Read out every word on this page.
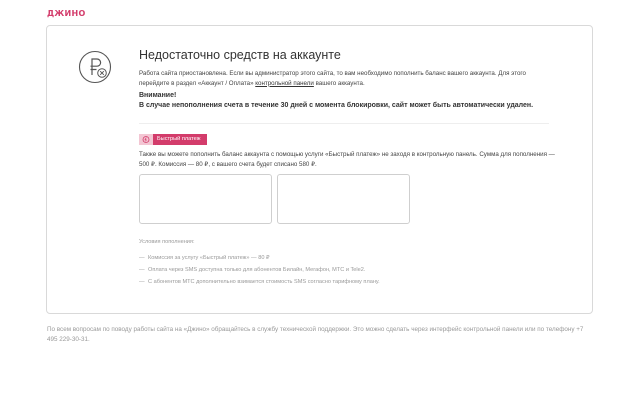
ДЖИНО
Недостаточно средств на аккаунте

Работа сайта приостановлена. Если вы администратор этого сайта, то вам необходимо пополнить баланс вашего аккаунта. Для этого перейдите в раздел «Аккаунт / Оплата» контрольной панели вашего аккаунта.

Внимание!
В случае непополнения счета в течение 30 дней с момента блокировки, сайт может быть автоматически удален.
Быстрый платеж

Также вы можете пополнить баланс аккаунта с помощью услуги «Быстрый платеж» не заходя в контрольную панель. Сумма для пополнения — 500 ₽. Комиссия — 80 ₽, с вашего счета будет списано 580 ₽.

Условия пополнения:
— Комиссия за услугу «Быстрый платеж» — 80 ₽
— Оплата через SMS доступна только для абонентов Билайн, Мегафон, МТС и Tele2.
— С абонентов МТС дополнительно взимается стоимость SMS согласно тарифному плану.

По всем вопросам по поводу работы сайта на «Джино» обращайтесь в службу технической поддержки. Это можно сделать через интерфейс контрольной панели или по телефону +7 495 229-30-31.
